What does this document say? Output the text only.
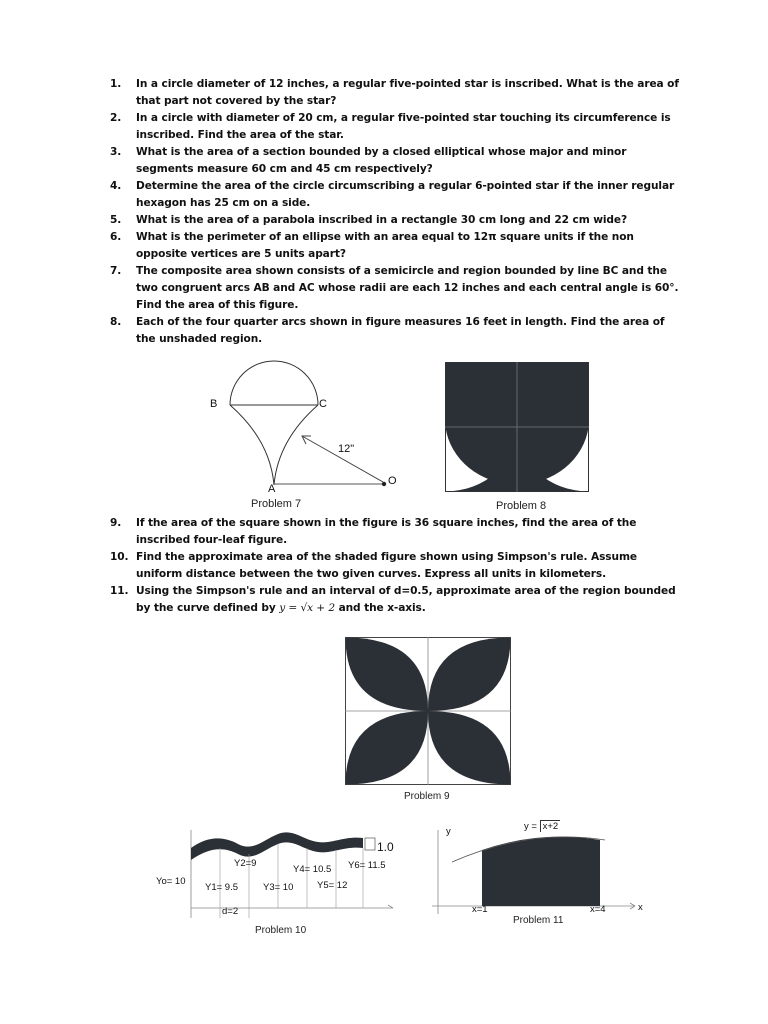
1. In a circle diameter of 12 inches, a regular five-pointed star is inscribed. What is the area of that part not covered by the star?
2. In a circle with diameter of 20 cm, a regular five-pointed star touching its circumference is inscribed. Find the area of the star.
3. What is the area of a section bounded by a closed elliptical whose major and minor segments measure 60 cm and 45 cm respectively?
4. Determine the area of the circle circumscribing a regular 6-pointed star if the inner regular hexagon has 25 cm on a side.
5. What is the area of a parabola inscribed in a rectangle 30 cm long and 22 cm wide?
6. What is the perimeter of an ellipse with an area equal to 12π square units if the non opposite vertices are 5 units apart?
7. The composite area shown consists of a semicircle and region bounded by line BC and the two congruent arcs AB and AC whose radii are each 12 inches and each central angle is 60°. Find the area of this figure.
8. Each of the four quarter arcs shown in figure measures 16 feet in length. Find the area of the unshaded region.
B	C
A
O
12"
Problem 7	Problem 8
9. If the area of the square shown in the figure is 36 square inches, find the area of the inscribed four-leaf figure.
10. Find the approximate area of the shaded figure shown using Simpson's rule. Assume uniform distance between the two given curves. Express all units in kilometers.
11. Using the Simpson's rule and an interval of d=0.5, approximate area of the region bounded by the curve defined by y = √x + 2 and the x-axis.
Problem 9
1.0
Yo= 10
Y1= 9.5
Y2=9
Y3= 10
Y4= 10.5
Y5= 12
Y6= 11.5
d=2
Problem 10
y
x
y = x+2
x=1	x=4
Problem 11
